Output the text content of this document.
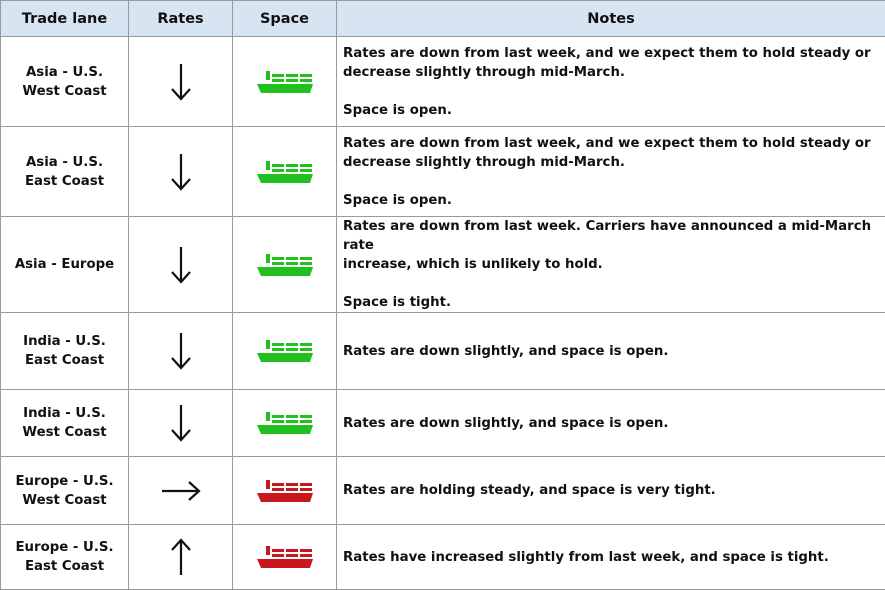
Trade lane	Rates	Space	Notes

Asia - U.S.
West Coast			Rates are down from last week, and we expect them to hold steady or
decrease slightly through mid-March.
Space is open.

Asia - U.S.
East Coast			Rates are down from last week, and we expect them to hold steady or
decrease slightly through mid-March.
Space is open.

Asia - Europe			Rates are down from last week. Carriers have announced a mid-March rate
increase, which is unlikely to hold.
Space is tight.

India - U.S.
East Coast			Rates are down slightly, and space is open.

India - U.S.
West Coast			Rates are down slightly, and space is open.

Europe - U.S.
West Coast			Rates are holding steady, and space is very tight.

Europe - U.S.
East Coast			Rates have increased slightly from last week, and space is tight.
